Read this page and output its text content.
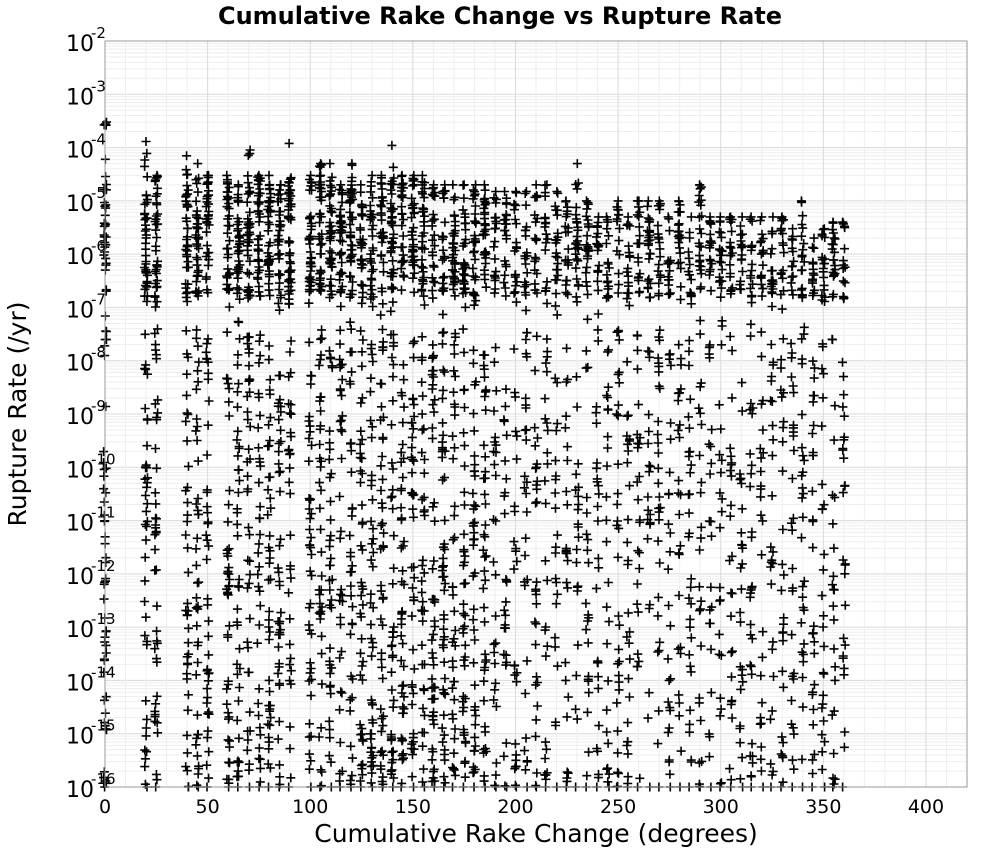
Cumulative Rake Change vs Rupture Rate
0	50	100	150	200	250	300	350	400
10
-16
10
-15
10
-14
10
-13
10
-12
10
-11
10
-10
10
-9
10
-8
10
-7
10
-6
10
-5
10
-4
10
-3
10
-2
Cumulative Rake Change (degrees)
Rupture Rate (/yr)
